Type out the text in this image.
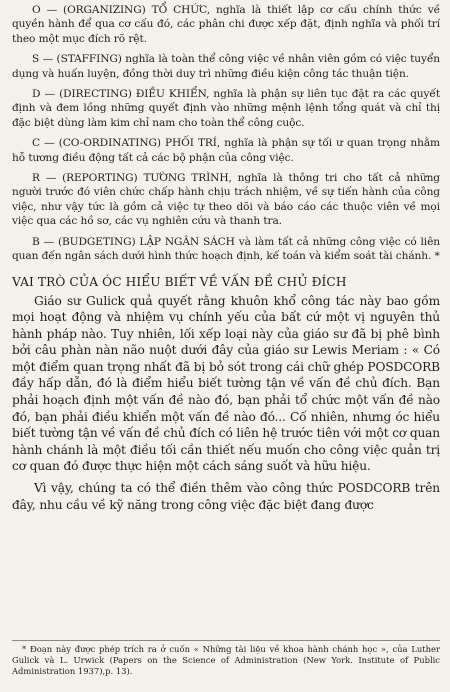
O — (ORGANIZING) TỔ CHỨC, nghĩa là thiết lập cơ cấu chính thức về quyền hành để qua cơ cấu đó, các phân chi được xếp đặt, định nghĩa và phối trí theo một mục đích rõ rệt.

S — (STAFFING) nghĩa là toàn thể công việc về nhân viên gồm có việc tuyển dụng và huấn luyện, đồng thời duy trì những điều kiện công tác thuận tiện.

D — (DIRECTING) ĐIỀU KHIỂN, nghĩa là phận sự liên tục đặt ra các quyết định và đem lồng những quyết định vào những mệnh lệnh tổng quát và chỉ thị đặc biệt dùng làm kim chỉ nam cho toàn thể công cuộc.

C — (CO-ORDINATING) PHỐI TRÍ, nghĩa là phận sự tối ư quan trọng nhằm hỗ tương điều động tất cả các bộ phận của công việc.

R — (REPORTING) TƯỜNG TRÌNH, nghĩa là thông tri cho tất cả những người trước đó viên chức chấp hành chịu trách nhiệm, về sự tiến hành của công việc, như vậy tức là gồm cả việc tự theo dõi và báo cáo các thuộc viên về mọi việc qua các hồ sơ, các vụ nghiên cứu và thanh tra.

B — (BUDGETING) LẬP NGÂN SÁCH và làm tất cả những công việc có liên quan đến ngân sách dưới hình thức hoạch định, kế toán và kiểm soát tài chánh. *

VAI TRÒ CỦA ÓC HIỂU BIẾT VỀ VẤN ĐỀ CHỦ ĐÍCH

Giáo sư Gulick quả quyết rằng khuôn khổ công tác này bao gồm mọi hoạt động và nhiệm vụ chính yếu của bất cứ một vị nguyên thủ hành pháp nào. Tuy nhiên, lối xếp loại này của giáo sư đã bị phê bình bởi câu phàn nàn não nuột dưới đây của giáo sư Lewis Meriam : « Có một điểm quan trọng nhất đã bị bỏ sót trong cái chữ ghép POSDCORB đầy hấp dẫn, đó là điểm hiểu biết tường tận về vấn đề chủ đích. Bạn phải hoạch định một vấn đề nào đó, bạn phải tổ chức một vấn đề nào đó, bạn phải điều khiển một vấn đề nào đó... Cố nhiên, nhưng óc hiểu biết tường tận về vấn đề chủ đích có liên hệ trước tiên với một cơ quan hành chánh là một điều tối cần thiết nếu muốn cho công việc quản trị cơ quan đó được thực hiện một cách sáng suốt và hữu hiệu.

Vì vậy, chúng ta có thể điền thêm vào công thức POSDCORB trên đây, nhu cầu về kỹ năng trong công việc đặc biệt đang được

* Đoạn này được phép trích ra ở cuốn « Những tài liệu về khoa hành chánh học », của Luther Gulick và L. Urwick (Papers on the Science of Administration (New York. Institute of Public Administration 1937),p. 13).
